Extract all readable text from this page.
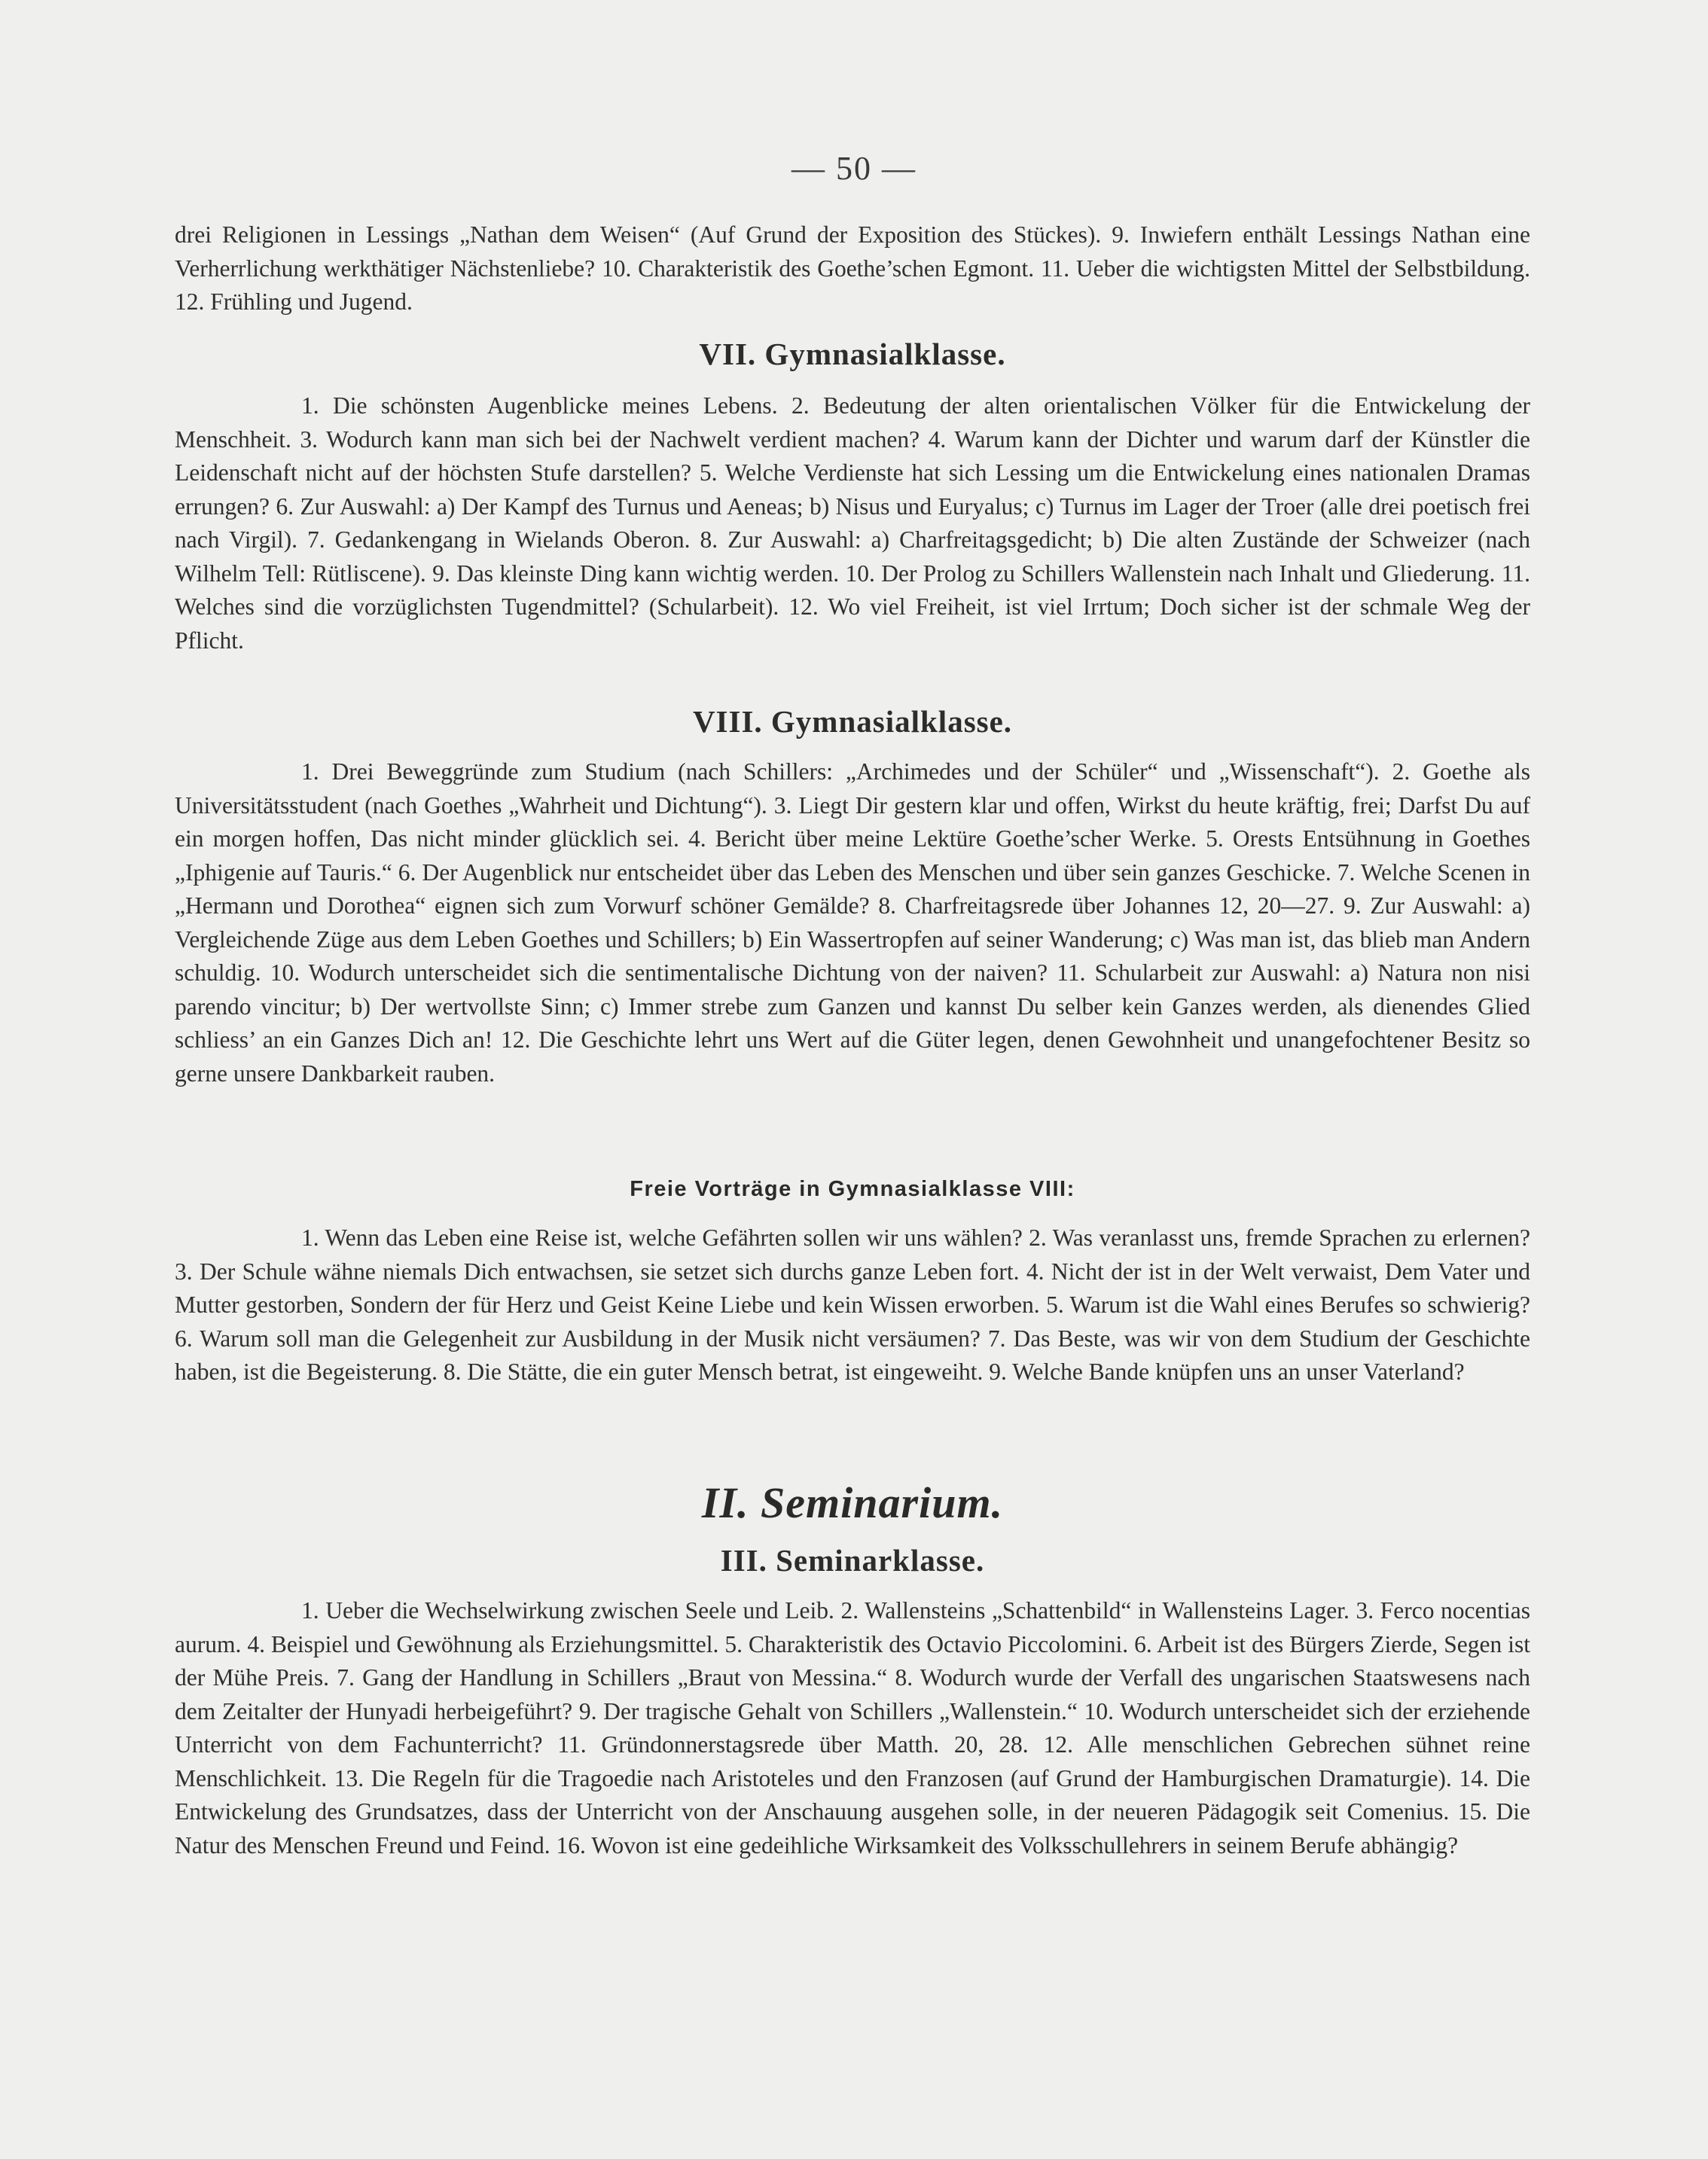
— 50 —

drei Religionen in Lessings „Nathan dem Weisen“ (Auf Grund der Exposition des Stückes). 9. Inwiefern enthält Lessings Nathan eine Verherrlichung werkthätiger Nächstenliebe? 10. Charakteristik des Goethe’schen Egmont. 11. Ueber die wichtigsten Mittel der Selbstbildung. 12. Frühling und Jugend.

VII. Gymnasialklasse.

1. Die schönsten Augenblicke meines Lebens. 2. Bedeutung der alten orientalischen Völker für die Entwickelung der Menschheit. 3. Wodurch kann man sich bei der Nachwelt verdient machen? 4. Warum kann der Dichter und warum darf der Künstler die Leidenschaft nicht auf der höchsten Stufe darstellen? 5. Welche Verdienste hat sich Lessing um die Entwickelung eines nationalen Dramas errungen? 6. Zur Auswahl: a) Der Kampf des Turnus und Aeneas; b) Nisus und Euryalus; c) Turnus im Lager der Troer (alle drei poetisch frei nach Virgil). 7. Gedankengang in Wielands Oberon. 8. Zur Auswahl: a) Charfreitagsgedicht; b) Die alten Zustände der Schweizer (nach Wilhelm Tell: Rütliscene). 9. Das kleinste Ding kann wichtig werden. 10. Der Prolog zu Schillers Wallenstein nach Inhalt und Gliederung. 11. Welches sind die vorzüglichsten Tugendmittel? (Schularbeit). 12. Wo viel Freiheit, ist viel Irrtum; Doch sicher ist der schmale Weg der Pflicht.

VIII. Gymnasialklasse.

1. Drei Beweggründe zum Studium (nach Schillers: „Archimedes und der Schüler“ und „Wissenschaft“). 2. Goethe als Universitätsstudent (nach Goethes „Wahrheit und Dichtung“). 3. Liegt Dir gestern klar und offen, Wirkst du heute kräftig, frei; Darfst Du auf ein morgen hoffen, Das nicht minder glücklich sei. 4. Bericht über meine Lektüre Goethe’scher Werke. 5. Orests Entsühnung in Goethes „Iphigenie auf Tauris.“ 6. Der Augenblick nur entscheidet über das Leben des Menschen und über sein ganzes Geschicke. 7. Welche Scenen in „Hermann und Dorothea“ eignen sich zum Vorwurf schöner Gemälde? 8. Charfreitagsrede über Johannes 12, 20—27. 9. Zur Auswahl: a) Vergleichende Züge aus dem Leben Goethes und Schillers; b) Ein Wassertropfen auf seiner Wanderung; c) Was man ist, das blieb man Andern schuldig. 10. Wodurch unterscheidet sich die sentimentalische Dichtung von der naiven? 11. Schularbeit zur Auswahl: a) Natura non nisi parendo vincitur; b) Der wertvollste Sinn; c) Immer strebe zum Ganzen und kannst Du selber kein Ganzes werden, als dienendes Glied schliess’ an ein Ganzes Dich an! 12. Die Geschichte lehrt uns Wert auf die Güter legen, denen Gewohnheit und unangefochtener Besitz so gerne unsere Dankbarkeit rauben.

Freie Vorträge in Gymnasialklasse VIII:

1. Wenn das Leben eine Reise ist, welche Gefährten sollen wir uns wählen? 2. Was veranlasst uns, fremde Sprachen zu erlernen? 3. Der Schule wähne niemals Dich entwachsen, sie setzet sich durchs ganze Leben fort. 4. Nicht der ist in der Welt verwaist, Dem Vater und Mutter gestorben, Sondern der für Herz und Geist Keine Liebe und kein Wissen erworben. 5. Warum ist die Wahl eines Berufes so schwierig? 6. Warum soll man die Gelegenheit zur Ausbildung in der Musik nicht versäumen? 7. Das Beste, was wir von dem Studium der Geschichte haben, ist die Begeisterung. 8. Die Stätte, die ein guter Mensch betrat, ist eingeweiht. 9. Welche Bande knüpfen uns an unser Vaterland?

II. Seminarium.
III. Seminarklasse.

1. Ueber die Wechselwirkung zwischen Seele und Leib. 2. Wallensteins „Schattenbild“ in Wallensteins Lager. 3. Ferco nocentias aurum. 4. Beispiel und Gewöhnung als Erziehungsmittel. 5. Charakteristik des Octavio Piccolomini. 6. Arbeit ist des Bürgers Zierde, Segen ist der Mühe Preis. 7. Gang der Handlung in Schillers „Braut von Messina.“ 8. Wodurch wurde der Verfall des ungarischen Staatswesens nach dem Zeitalter der Hunyadi herbeigeführt? 9. Der tragische Gehalt von Schillers „Wallenstein.“ 10. Wodurch unterscheidet sich der erziehende Unterricht von dem Fachunterricht? 11. Gründonnerstagsrede über Matth. 20, 28. 12. Alle menschlichen Gebrechen sühnet reine Menschlichkeit. 13. Die Regeln für die Tragoedie nach Aristoteles und den Franzosen (auf Grund der Hamburgischen Dramaturgie). 14. Die Entwickelung des Grundsatzes, dass der Unterricht von der Anschauung ausgehen solle, in der neueren Pädagogik seit Comenius. 15. Die Natur des Menschen Freund und Feind. 16. Wovon ist eine gedeihliche Wirksamkeit des Volksschullehrers in seinem Berufe abhängig?
